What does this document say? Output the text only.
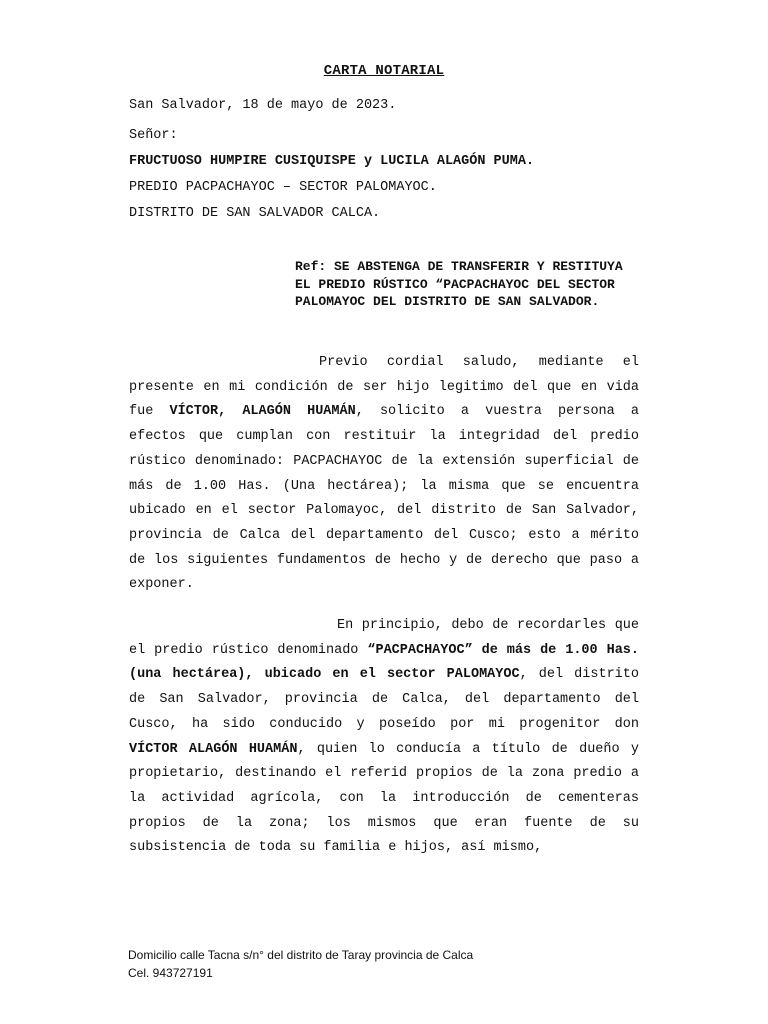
CARTA NOTARIAL
San Salvador, 18 de mayo de 2023.
Señor:
FRUCTUOSO HUMPIRE CUSIQUISPE y LUCILA ALAGÓN PUMA.
PREDIO PACPACHAYOC – SECTOR PALOMAYOC.
DISTRITO DE SAN SALVADOR CALCA.
Ref: SE ABSTENGA DE TRANSFERIR Y RESTITUYA EL PREDIO RÚSTICO “PACPACHAYOC DEL SECTOR PALOMAYOC DEL DISTRITO DE SAN SALVADOR.
Previo cordial saludo, mediante el presente en mi condición de ser hijo legitimo del que en vida fue VÍCTOR, ALAGÓN HUAMÁN, solicito a vuestra persona a efectos que cumplan con restituir la integridad del predio rústico denominado: PACPACHAYOC de la extensión superficial de más de 1.00 Has. (Una hectárea); la misma que se encuentra ubicado en el sector Palomayoc, del distrito de San Salvador, provincia de Calca del departamento del Cusco; esto a mérito de los siguientes fundamentos de hecho y de derecho que paso a exponer.
En principio, debo de recordarles que el predio rústico denominado “PACPACHAYOC” de más de 1.00 Has. (una hectárea), ubicado en el sector PALOMAYOC, del distrito de San Salvador, provincia de Calca, del departamento del Cusco, ha sido conducido y poseído por mi progenitor don VÍCTOR ALAGÓN HUAMÁN, quien lo conducía a título de dueño y propietario, destinando el referid propios de la zona predio a la actividad agrícola, con la introducción de cementeras propios de la zona; los mismos que eran fuente de su subsistencia de toda su familia e hijos, así mismo,
Domicilio calle Tacna s/n° del distrito de Taray provincia de Calca
Cel. 943727191
